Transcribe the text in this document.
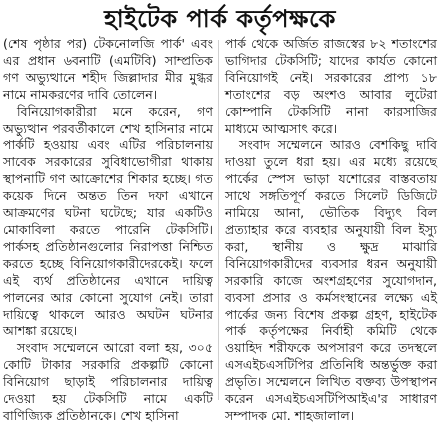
হাইটেক পার্ক কর্তৃপক্ষকে

(শেষ পৃষ্ঠার পর) টেকনোলজি পার্ক' এবং এর প্রধান ৬বনাটি (এমটিবি) সাম্প্রতিক গণ অভ্যুত্থানে শহীদ জিল্লাদার মীর মুগ্ধর নামে নামকরণের দাবি তোলেন।

বিনিয়োগকারীরা মনে করেন, গণ অভ্যুত্থান পরবর্তীকালে শেখ হাসিনার নামে পার্কটি হওয়ায় এবং এটির পরিচালনায় সাবেক সরকারের সুবিধাভোগীরা থাকায় স্থাপনাটি গণ আক্রোশের শিকার হচ্ছে। গত কয়েক দিনে অন্তত তিন দফা এখানে আক্রমণের ঘটনা ঘটেছে; যার একটিও মোকাবিলা করতে পারেনি টেকসিটি। পার্কসহ প্রতিষ্ঠানগুলোর নিরাপত্তা নিশ্চিত করতে হচ্ছে বিনিয়োগকারীদেরকেই। ফলে এই ব্যর্থ প্রতিষ্ঠানের এখানে দায়িত্ব পালনের আর কোনো সুযোগ নেই। তারা দায়িত্বে থাকলে আরও অঘটন ঘটনার আশঙ্কা রয়েছে।

সংবাদ সম্মেলনে আরো বলা হয়, ৩০৫ কোটি টাকার সরকারি প্রকল্পটি কোনো বিনিয়োগ ছাড়াই পরিচালনার দায়িত্ব দেওয়া হয় টেকসিটি নামে একটি বাণিজ্যিক প্রতিষ্ঠানকে। শেখ হাসিনা

পার্ক থেকে অর্জিত রাজস্বের ৮২ শতাংশের ভাগিদার টেকসিটি; যাদের কার্যত কোনো বিনিয়োগই নেই। সরকারের প্রাপ্য ১৮ শতাংশের বড় অংশও আবার লুটেরা কোম্পানি টেকসিটি নানা কারসাজির মাধ্যমে আত্মসাৎ করে।

সংবাদ সম্মেলনে আরও বেশকিছু দাবি দাওয়া তুলে ধরা হয়। এর মধ্যে রয়েছে পার্কের স্পেস ভাড়া যশোরের বাস্তবতায় সাথে সঙ্গতিপূর্ণ করতে সিলেট ডিজিটে নামিয়ে আনা, ভৌতিক বিদ্যুৎ বিল প্রত্যাহার করে ব্যবহার অনুযায়ী বিল ইস্যু করা, স্থানীয় ও ক্ষুদ্র মাঝারি বিনিয়োগকারীদের ব্যবসার ধরন অনুযায়ী সরকারি কাজে অংশগ্রহণের সুযোগদান, ব্যবসা প্রসার ও কর্মসংস্থানের লক্ষ্যে এই পার্কের জন্য বিশেষ প্রকল্প গ্রহণ, হাইটেক পার্ক কর্তৃপক্ষের নির্বাহী কমিটি থেকে ওয়াহিদ শরীফকে অপসারণ করে তদস্থলে এসএইচএসটিপির প্রতিনিধি অন্তর্ভুক্ত করা প্রভৃতি। সম্মেলনে লিখিত বক্তব্য উপস্থাপন করেন এসএইচএসটিপিআইএ'র সাধারণ সম্পাদক মো. শাহজালাল।
